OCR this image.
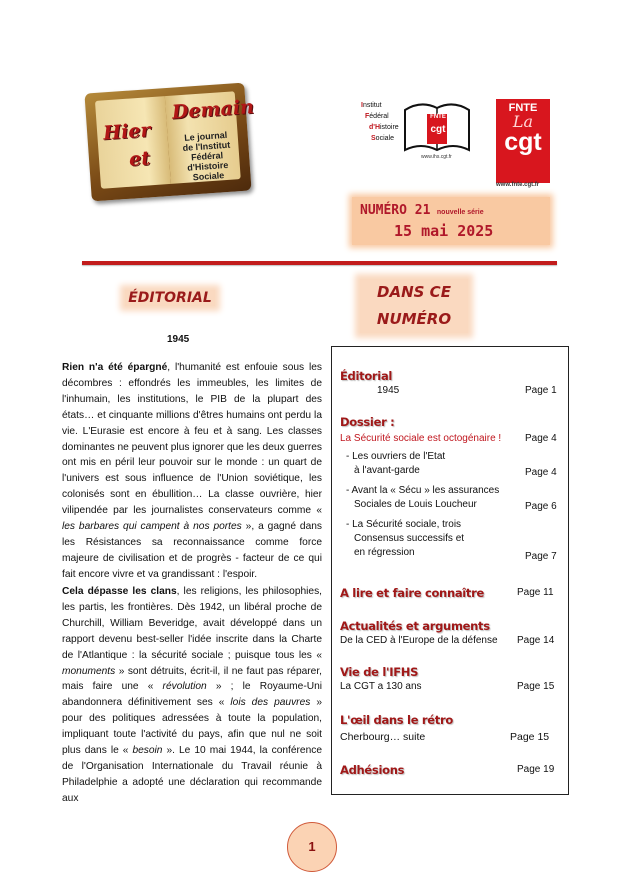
Hier
et
Demain
Le journal
de l'Institut Fédéral
d'Histoire Sociale
Institut
Fédéral
d'Histoire
Sociale
FNTE
cgt
www.ihs.cgt.fr
FNTE
La
cgt
www.fnte.cgt.fr
NUMÉRO 21 nouvelle série
15 mai 2025
ÉDITORIAL	DANS CE
NUMÉRO
1945
Rien n'a été épargné, l'humanité est enfouie sous les décombres : effondrés les immeubles, les limites de l'inhumain, les institutions, le PIB de la plupart des états… et cinquante millions d'êtres humains ont perdu la vie. L'Eurasie est encore à feu et à sang. Les classes dominantes ne peuvent plus ignorer que les deux guerres ont mis en péril leur pouvoir sur le monde : un quart de l'univers est sous influence de l'Union soviétique, les colonisés sont en ébullition… La classe ouvrière, hier vilipendée par les journalistes conservateurs comme « les barbares qui campent à nos portes », a gagné dans les Résistances sa reconnaissance comme force majeure de civilisation et de progrès - facteur de ce qui fait encore vivre et va grandissant : l'espoir.
Cela dépasse les clans, les religions, les philosophies, les partis, les frontières. Dès 1942, un libéral proche de Churchill, William Beveridge, avait développé dans un rapport devenu best-seller l'idée inscrite dans la Charte de l'Atlantique : la sécurité sociale ; puisque tous les « monuments » sont détruits, écrit-il, il ne faut pas réparer, mais faire une « révolution » ; le Royaume-Uni abandonnera définitivement ses « lois des pauvres » pour des politiques adressées à toute la population, impliquant toute l'activité du pays, afin que nul ne soit plus dans le « besoin ». Le 10 mai 1944, la conférence de l'Organisation Internationale du Travail réunie à Philadelphie a adopté une déclaration qui recommande aux
Éditorial
1945	Page 1
Dossier :
La Sécurité sociale est octogénaire ! Page 4
- Les ouvriers de l'Etat
à l'avant-garde	Page 4
- Avant la « Sécu » les assurances
Sociales de Louis Loucheur	Page 6
- La Sécurité sociale, trois
Consensus successifs et
en régression	Page 7
A lire et faire connaître	Page 11
Actualités et arguments
De la CED à l'Europe de la défense Page 14
Vie de l'IFHS
La CGT a 130 ans	Page 15
L'œil dans le rétro
Cherbourg… suite	Page 15
Adhésions	Page 19
1
